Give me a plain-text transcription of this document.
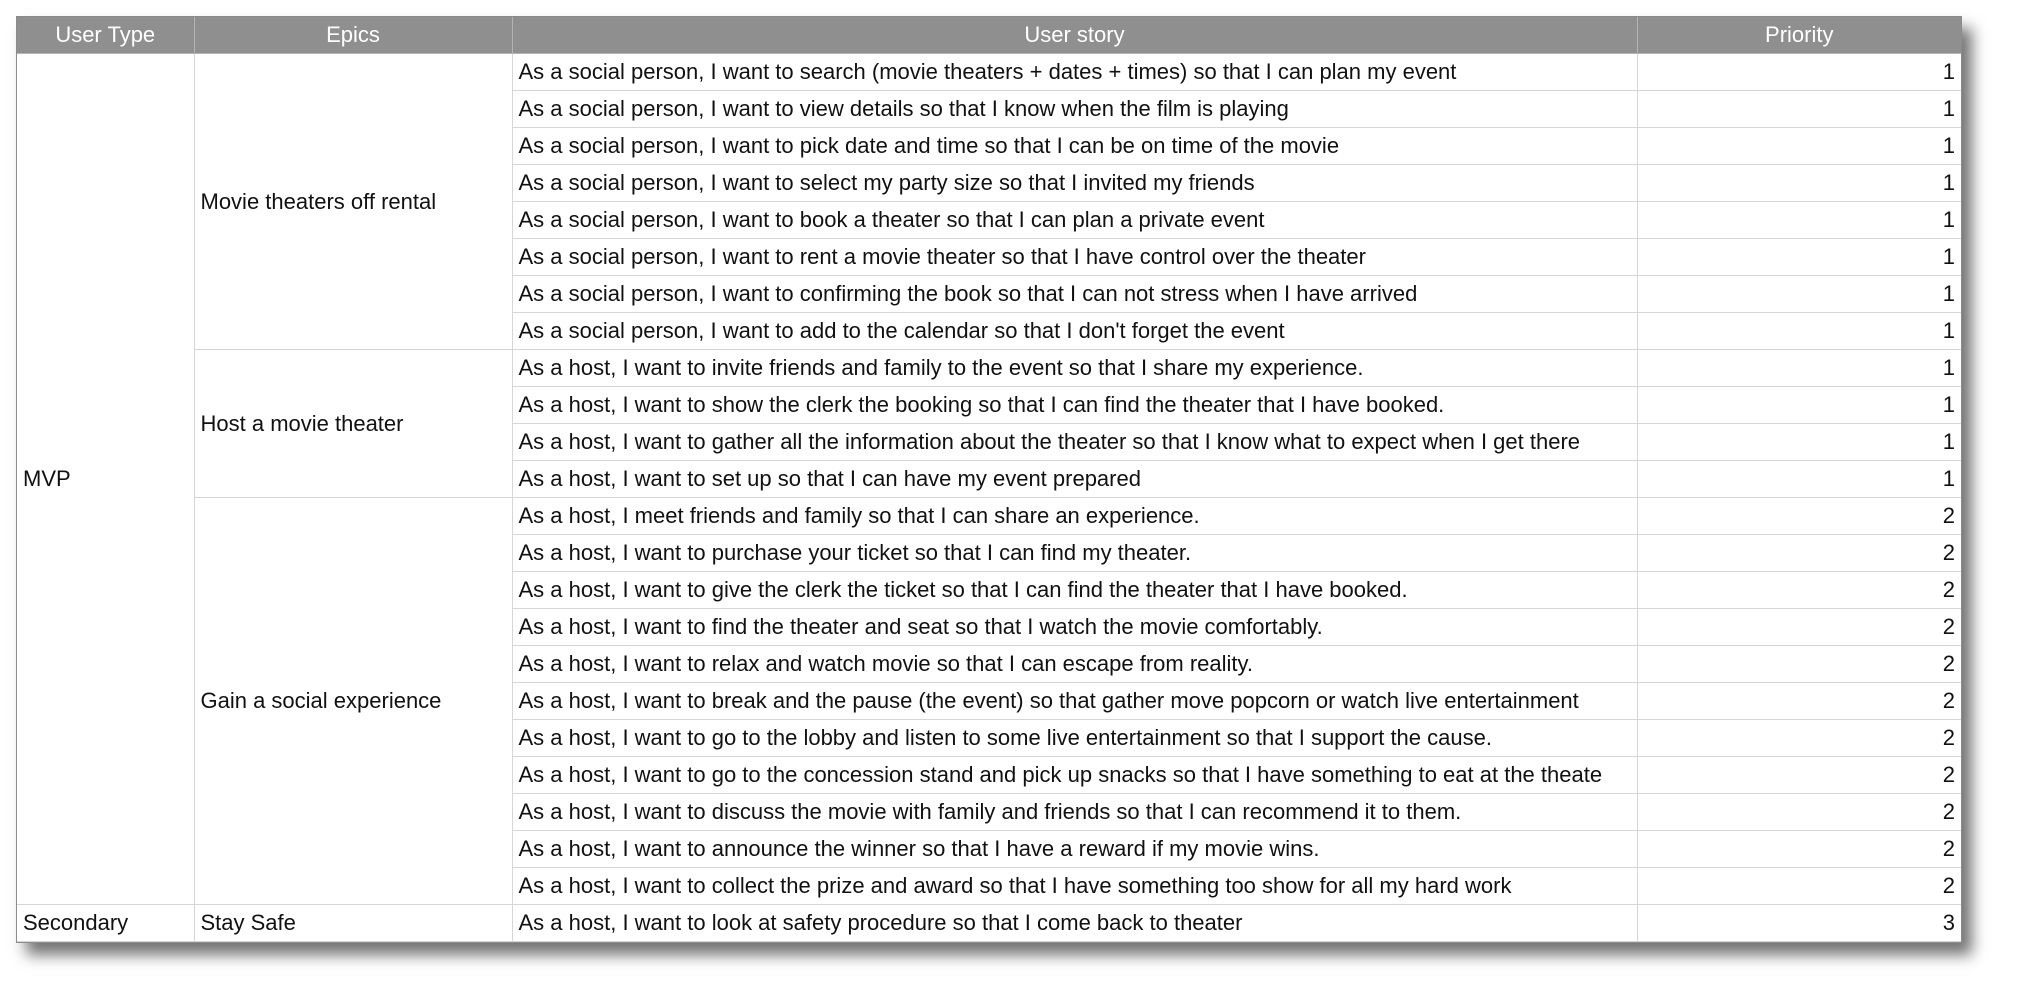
User Type	Epics	User story	Priority
MVP	Movie theaters off rental	As a social person, I want to search (movie theaters + dates + times) so that I can plan my event	1
		As a social person, I want to view details so that I know when the film is playing	1
		As a social person, I want to pick date and time so that I can be on time of the movie	1
		As a social person, I want to select my party size so that I invited my friends	1
		As a social person, I want to book a theater so that I can plan a private event	1
		As a social person, I want to rent a movie theater so that I have control over the theater	1
		As a social person, I want to confirming the book so that I can not stress when I have arrived	1
		As a social person, I want to add to the calendar so that I don't forget the event	1
	Host a movie theater	As a host, I want to invite friends and family to the event so that I share my experience.	1
		As a host, I want to show the clerk the booking so that I can find the theater that I have booked.	1
		As a host, I want to gather all the information about the theater so that I know what to expect when I get there	1
		As a host, I want to set up so that I can have my event prepared	1
	Gain a social experience	As a host, I meet friends and family so that I can share an experience.	2
		As a host, I want to purchase your ticket so that I can find my theater.	2
		As a host, I want to give the clerk the ticket so that I can find the theater that I have booked.	2
		As a host, I want to find the theater and seat so that I watch the movie comfortably.	2
		As a host, I want to relax and watch movie so that I can escape from reality.	2
		As a host, I want to break and the pause (the event) so that gather move popcorn or watch live entertainment	2
		As a host, I want to go to the lobby and listen to some live entertainment so that I support the cause.	2
		As a host, I want to go to the concession stand and pick up snacks so that I have something to eat at the theate	2
		As a host, I want to discuss the movie with family and friends so that I can recommend it to them.	2
		As a host, I want to announce the winner so that I have a reward if my movie wins.	2
		As a host, I want to collect the prize and award so that I have something too show for all my hard work	2
Secondary	Stay Safe	As a host, I want to look at safety procedure so that I come back to theater	3
